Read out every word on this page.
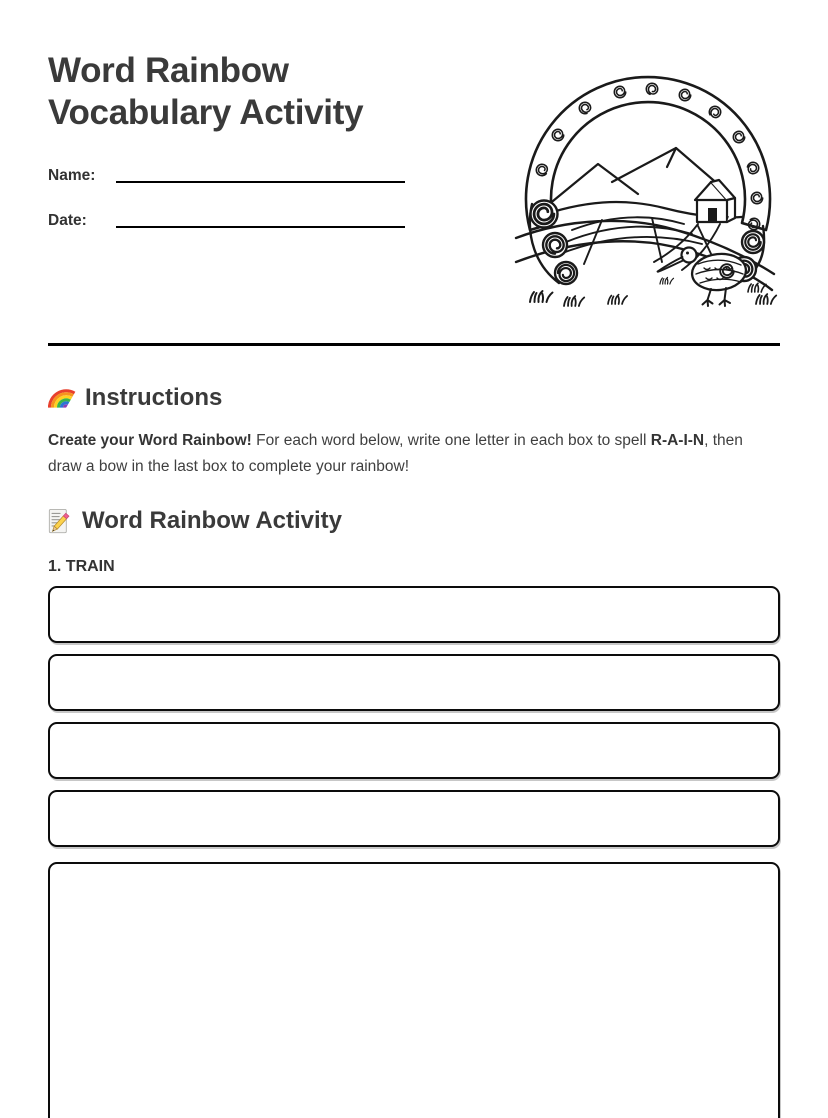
Word Rainbow
Vocabulary Activity
Name:
Date:
Instructions

Create your Word Rainbow! For each word below, write one letter in each box to spell R-A-I-N, then draw a bow in the last box to complete your rainbow!

Word Rainbow Activity
1. TRAIN
